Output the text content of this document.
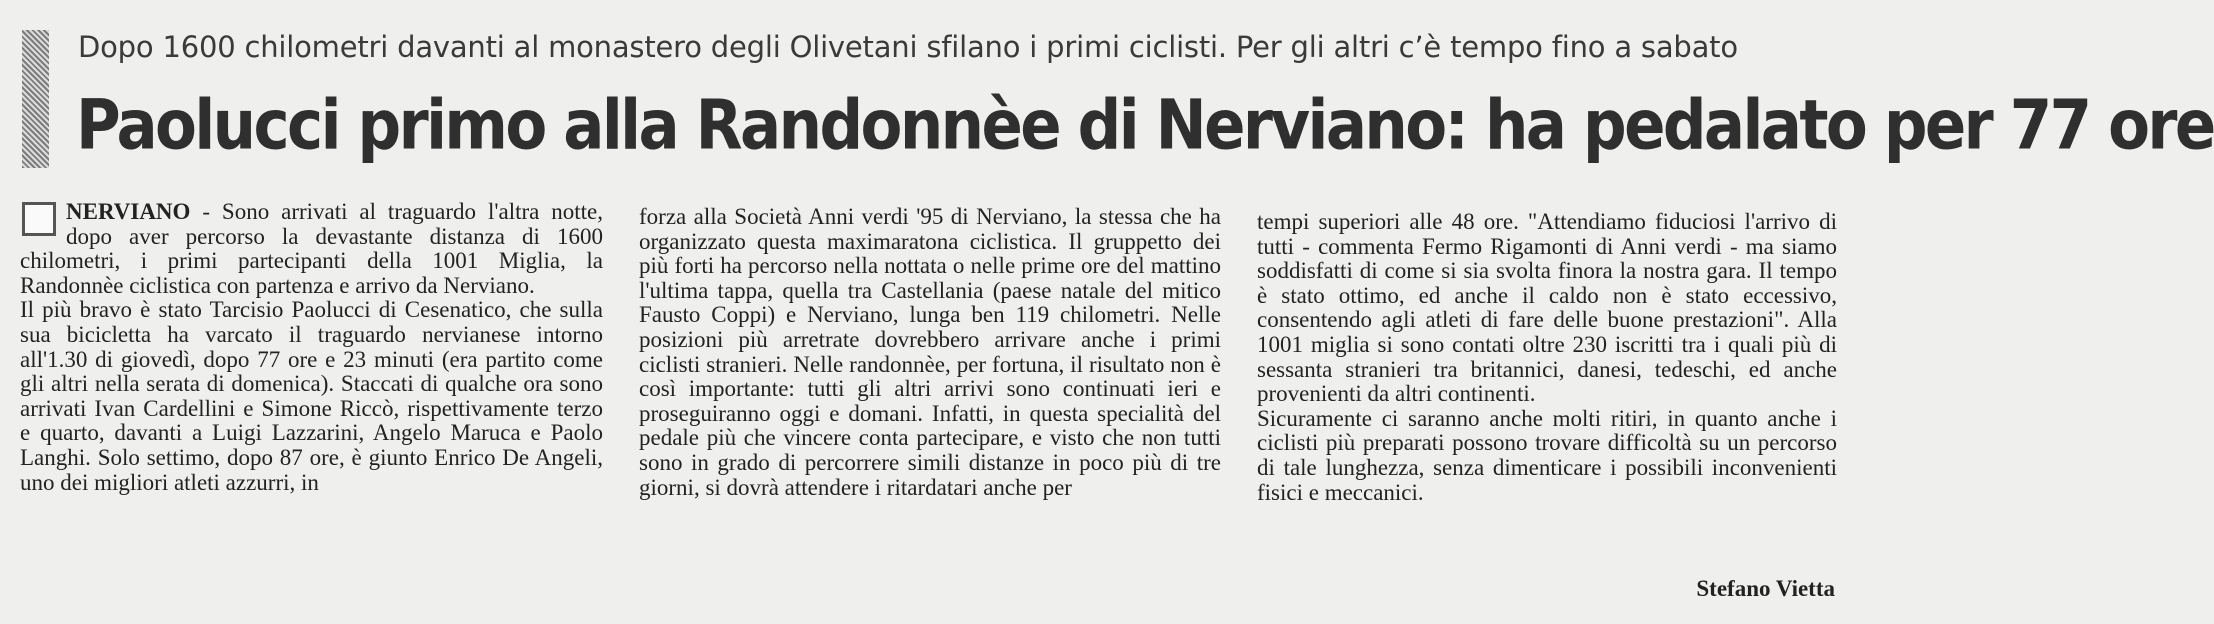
Dopo 1600 chilometri davanti al monastero degli Olivetani sfilano i primi ciclisti. Per gli altri c’è tempo fino a sabato
Paolucci primo alla Randonnèe di Nerviano: ha pedalato per 77 ore

NERVIANO - Sono arrivati al traguardo l'altra notte, dopo aver percorso la devastante distanza di 1600 chilometri, i primi partecipanti della 1001 Miglia, la Randonnèe ciclistica con partenza e arrivo da Nerviano.

Il più bravo è stato Tarcisio Paolucci di Cesenatico, che sulla sua bicicletta ha varcato il traguardo nervianese intorno all'1.30 di giovedì, dopo 77 ore e 23 minuti (era partito come gli altri nella serata di domenica). Staccati di qualche ora sono arrivati Ivan Cardellini e Simone Riccò, rispettivamente terzo e quarto, davanti a Luigi Lazzarini, Angelo Maruca e Paolo Langhi. Solo settimo, dopo 87 ore, è giunto Enrico De Angeli, uno dei migliori atleti azzurri, in

forza alla Società Anni verdi '95 di Nerviano, la stessa che ha organizzato questa maximaratona ciclistica. Il gruppetto dei più forti ha percorso nella nottata o nelle prime ore del mattino l'ultima tappa, quella tra Castellania (paese natale del mitico Fausto Coppi) e Nerviano, lunga ben 119 chilometri. Nelle posizioni più arretrate dovrebbero arrivare anche i primi ciclisti stranieri. Nelle randonnèe, per fortuna, il risultato non è così importante: tutti gli altri arrivi sono continuati ieri e proseguiranno oggi e domani. Infatti, in questa specialità del pedale più che vincere conta partecipare, e visto che non tutti sono in grado di percorrere simili distanze in poco più di tre giorni, si dovrà attendere i ritardatari anche per

tempi superiori alle 48 ore. "Attendiamo fiduciosi l'arrivo di tutti - commenta Fermo Rigamonti di Anni verdi - ma siamo soddisfatti di come si sia svolta finora la nostra gara. Il tempo è stato ottimo, ed anche il caldo non è stato eccessivo, consentendo agli atleti di fare delle buone prestazioni". Alla 1001 miglia si sono contati oltre 230 iscritti tra i quali più di sessanta stranieri tra britannici, danesi, tedeschi, ed anche provenienti da altri continenti.

Sicuramente ci saranno anche molti ritiri, in quanto anche i ciclisti più preparati possono trovare difficoltà su un percorso di tale lunghezza, senza dimenticare i possibili inconvenienti fisici e meccanici.

Stefano Vietta
